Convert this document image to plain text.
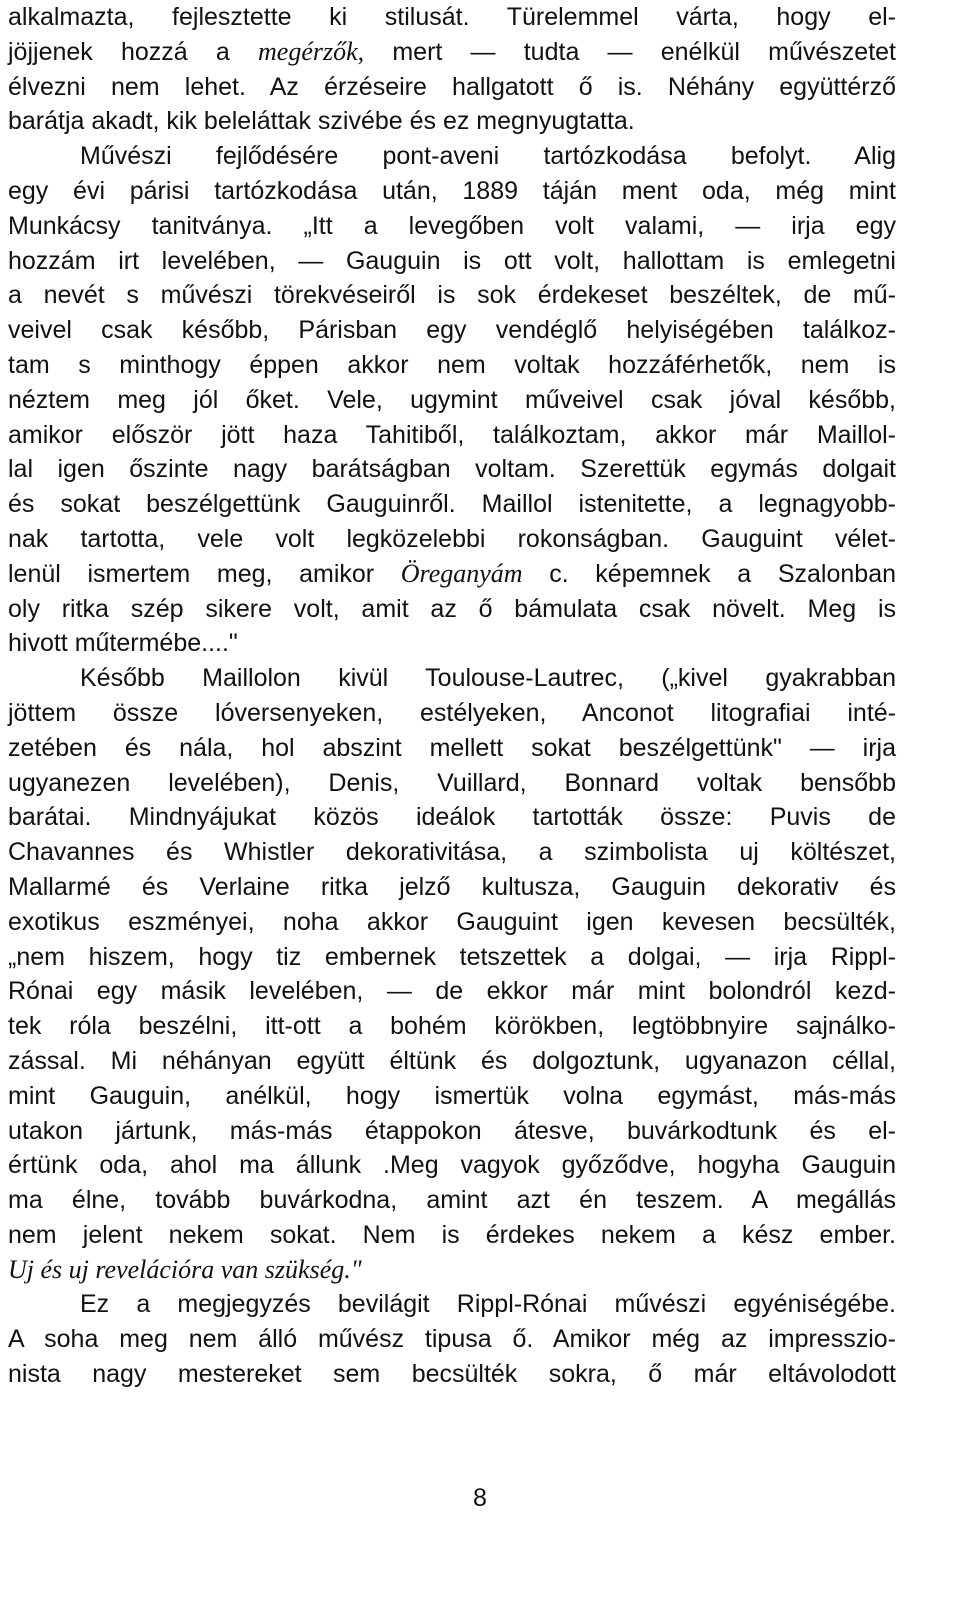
alkalmazta, fejlesztette ki stilusát. Türelemmel várta, hogy el-
jöjjenek hozzá a megérzők, mert — tudta — enélkül művészetet
élvezni nem lehet. Az érzéseire hallgatott ő is. Néhány együttérző
barátja akadt, kik beleláttak szivébe és ez megnyugtatta.
Művészi fejlődésére pont-aveni tartózkodása befolyt. Alig
egy évi párisi tartózkodása után, 1889 táján ment oda, még mint
Munkácsy tanitványa. „Itt a levegőben volt valami, — irja egy
hozzám irt levelében, — Gauguin is ott volt, hallottam is emlegetni
a nevét s művészi törekvéseiről is sok érdekeset beszéltek, de mű-
veivel csak később, Párisban egy vendéglő helyiségében találkoz-
tam s minthogy éppen akkor nem voltak hozzáférhetők, nem is
néztem meg jól őket. Vele, ugymint műveivel csak jóval később,
amikor először jött haza Tahitiből, találkoztam, akkor már Maillol-
lal igen őszinte nagy barátságban voltam. Szerettük egymás dolgait
és sokat beszélgettünk Gauguinről. Maillol istenitette, a legnagyobb-
nak tartotta, vele volt legközelebbi rokonságban. Gauguint vélet-
lenül ismertem meg, amikor Öreganyám c. képemnek a Szalonban
oly ritka szép sikere volt, amit az ő bámulata csak növelt. Meg is
hivott műtermébe...."
Később Maillolon kivül Toulouse-Lautrec, („kivel gyakrabban
jöttem össze lóversenyeken, estélyeken, Anconot litografiai inté-
zetében és nála, hol abszint mellett sokat beszélgettünk" — irja
ugyanezen levelében), Denis, Vuillard, Bonnard voltak bensőbb
barátai. Mindnyájukat közös ideálok tartották össze: Puvis de
Chavannes és Whistler dekorativitása, a szimbolista uj költészet,
Mallarmé és Verlaine ritka jelző kultusza, Gauguin dekorativ és
exotikus eszményei, noha akkor Gauguint igen kevesen becsülték,
„nem hiszem, hogy tiz embernek tetszettek a dolgai, — irja Rippl-
Rónai egy másik levelében, — de ekkor már mint bolondról kezd-
tek róla beszélni, itt-ott a bohém körökben, legtöbbnyire sajnálko-
zással. Mi néhányan együtt éltünk és dolgoztunk, ugyanazon céllal,
mint Gauguin, anélkül, hogy ismertük volna egymást, más-más
utakon jártunk, más-más étappokon átesve, buvárkodtunk és el-
értünk oda, ahol ma állunk .Meg vagyok győződve, hogyha Gauguin
ma élne, tovább buvárkodna, amint azt én teszem. A megállás
nem jelent nekem sokat. Nem is érdekes nekem a kész ember.
Uj és uj revelációra van szükség."
Ez a megjegyzés bevilágit Rippl-Rónai művészi egyéniségébe.
A soha meg nem álló művész tipusa ő. Amikor még az impresszio-
nista nagy mestereket sem becsülték sokra, ő már eltávolodott
8
